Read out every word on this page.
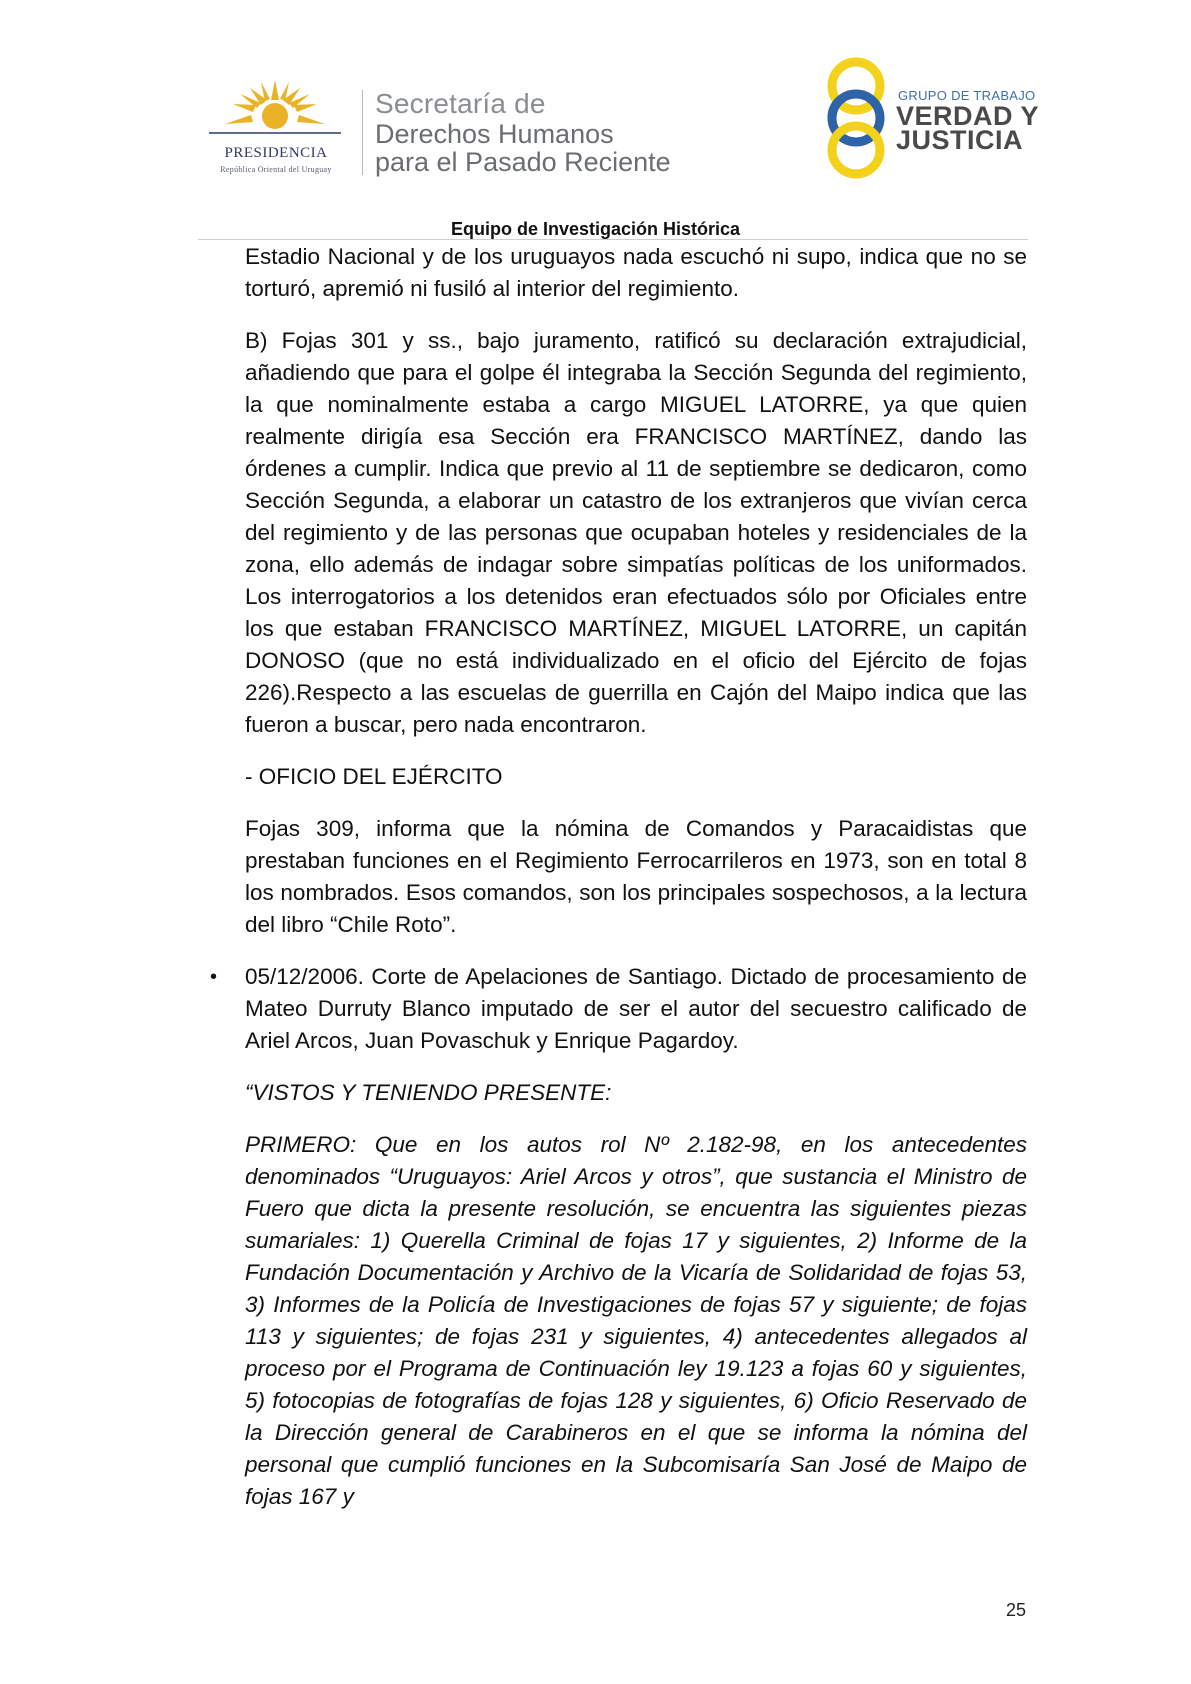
PRESIDENCIA
República Oriental del Uruguay
Secretaría de
Derechos Humanos
para el Pasado Reciente
GRUPO DE TRABAJO
VERDAD Y
JUSTICIA
Equipo de Investigación Histórica

Estadio Nacional y de los uruguayos nada escuchó ni supo, indica que no se torturó, apremió ni fusiló al interior del regimiento.

B) Fojas 301 y ss., bajo juramento, ratificó su declaración extrajudicial, añadiendo que para el golpe él integraba la Sección Segunda del regimiento, la que nominalmente estaba a cargo MIGUEL LATORRE, ya que quien realmente dirigía esa Sección era FRANCISCO MARTÍNEZ, dando las órdenes a cumplir. Indica que previo al 11 de septiembre se dedicaron, como Sección Segunda, a elaborar un catastro de los extranjeros que vivían cerca del regimiento y de las personas que ocupaban hoteles y residenciales de la zona, ello además de indagar sobre simpatías políticas de los uniformados. Los interrogatorios a los detenidos eran efectuados sólo por Oficiales entre los que estaban FRANCISCO MARTÍNEZ, MIGUEL LATORRE, un capitán DONOSO (que no está individualizado en el oficio del Ejército de fojas 226).Respecto a las escuelas de guerrilla en Cajón del Maipo indica que las fueron a buscar, pero nada encontraron.

- OFICIO DEL EJÉRCITO

Fojas 309, informa que la nómina de Comandos y Paracaidistas que prestaban funciones en el Regimiento Ferrocarrileros en 1973, son en total 8 los nombrados. Esos comandos, son los principales sospechosos, a la lectura del libro “Chile Roto”.

• 05/12/2006. Corte de Apelaciones de Santiago. Dictado de procesamiento de Mateo Durruty Blanco imputado de ser el autor del secuestro calificado de Ariel Arcos, Juan Povaschuk y Enrique Pagardoy.

“VISTOS Y TENIENDO PRESENTE:

PRIMERO: Que en los autos rol Nº 2.182-98, en los antecedentes denominados “Uruguayos: Ariel Arcos y otros”, que sustancia el Ministro de Fuero que dicta la presente resolución, se encuentra las siguientes piezas sumariales: 1) Querella Criminal de fojas 17 y siguientes, 2) Informe de la Fundación Documentación y Archivo de la Vicaría de Solidaridad de fojas 53, 3) Informes de la Policía de Investigaciones de fojas 57 y siguiente; de fojas 113 y siguientes; de fojas 231 y siguientes, 4) antecedentes allegados al proceso por el Programa de Continuación ley 19.123 a fojas 60 y siguientes, 5) fotocopias de fotografías de fojas 128 y siguientes, 6) Oficio Reservado de la Dirección general de Carabineros en el que se informa la nómina del personal que cumplió funciones en la Subcomisaría San José de Maipo de fojas 167 y

25
